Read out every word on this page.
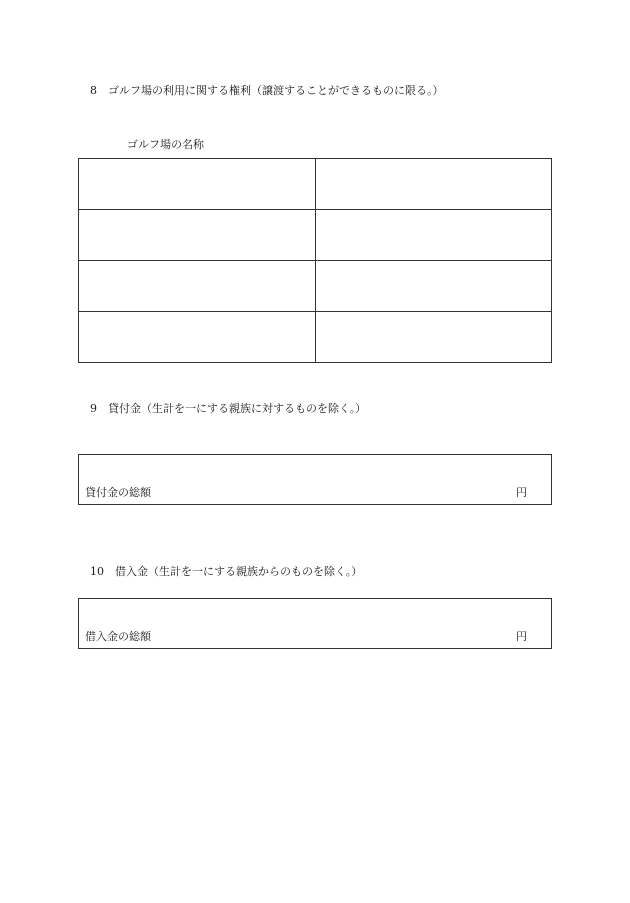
8　ゴルフ場の利用に関する権利（譲渡することができるものに限る。）
ゴルフ場の名称

9　貸付金（生計を一にする親族に対するものを除く。）
貸付金の総額	円
10　借入金（生計を一にする親族からのものを除く。）
借入金の総額	円
